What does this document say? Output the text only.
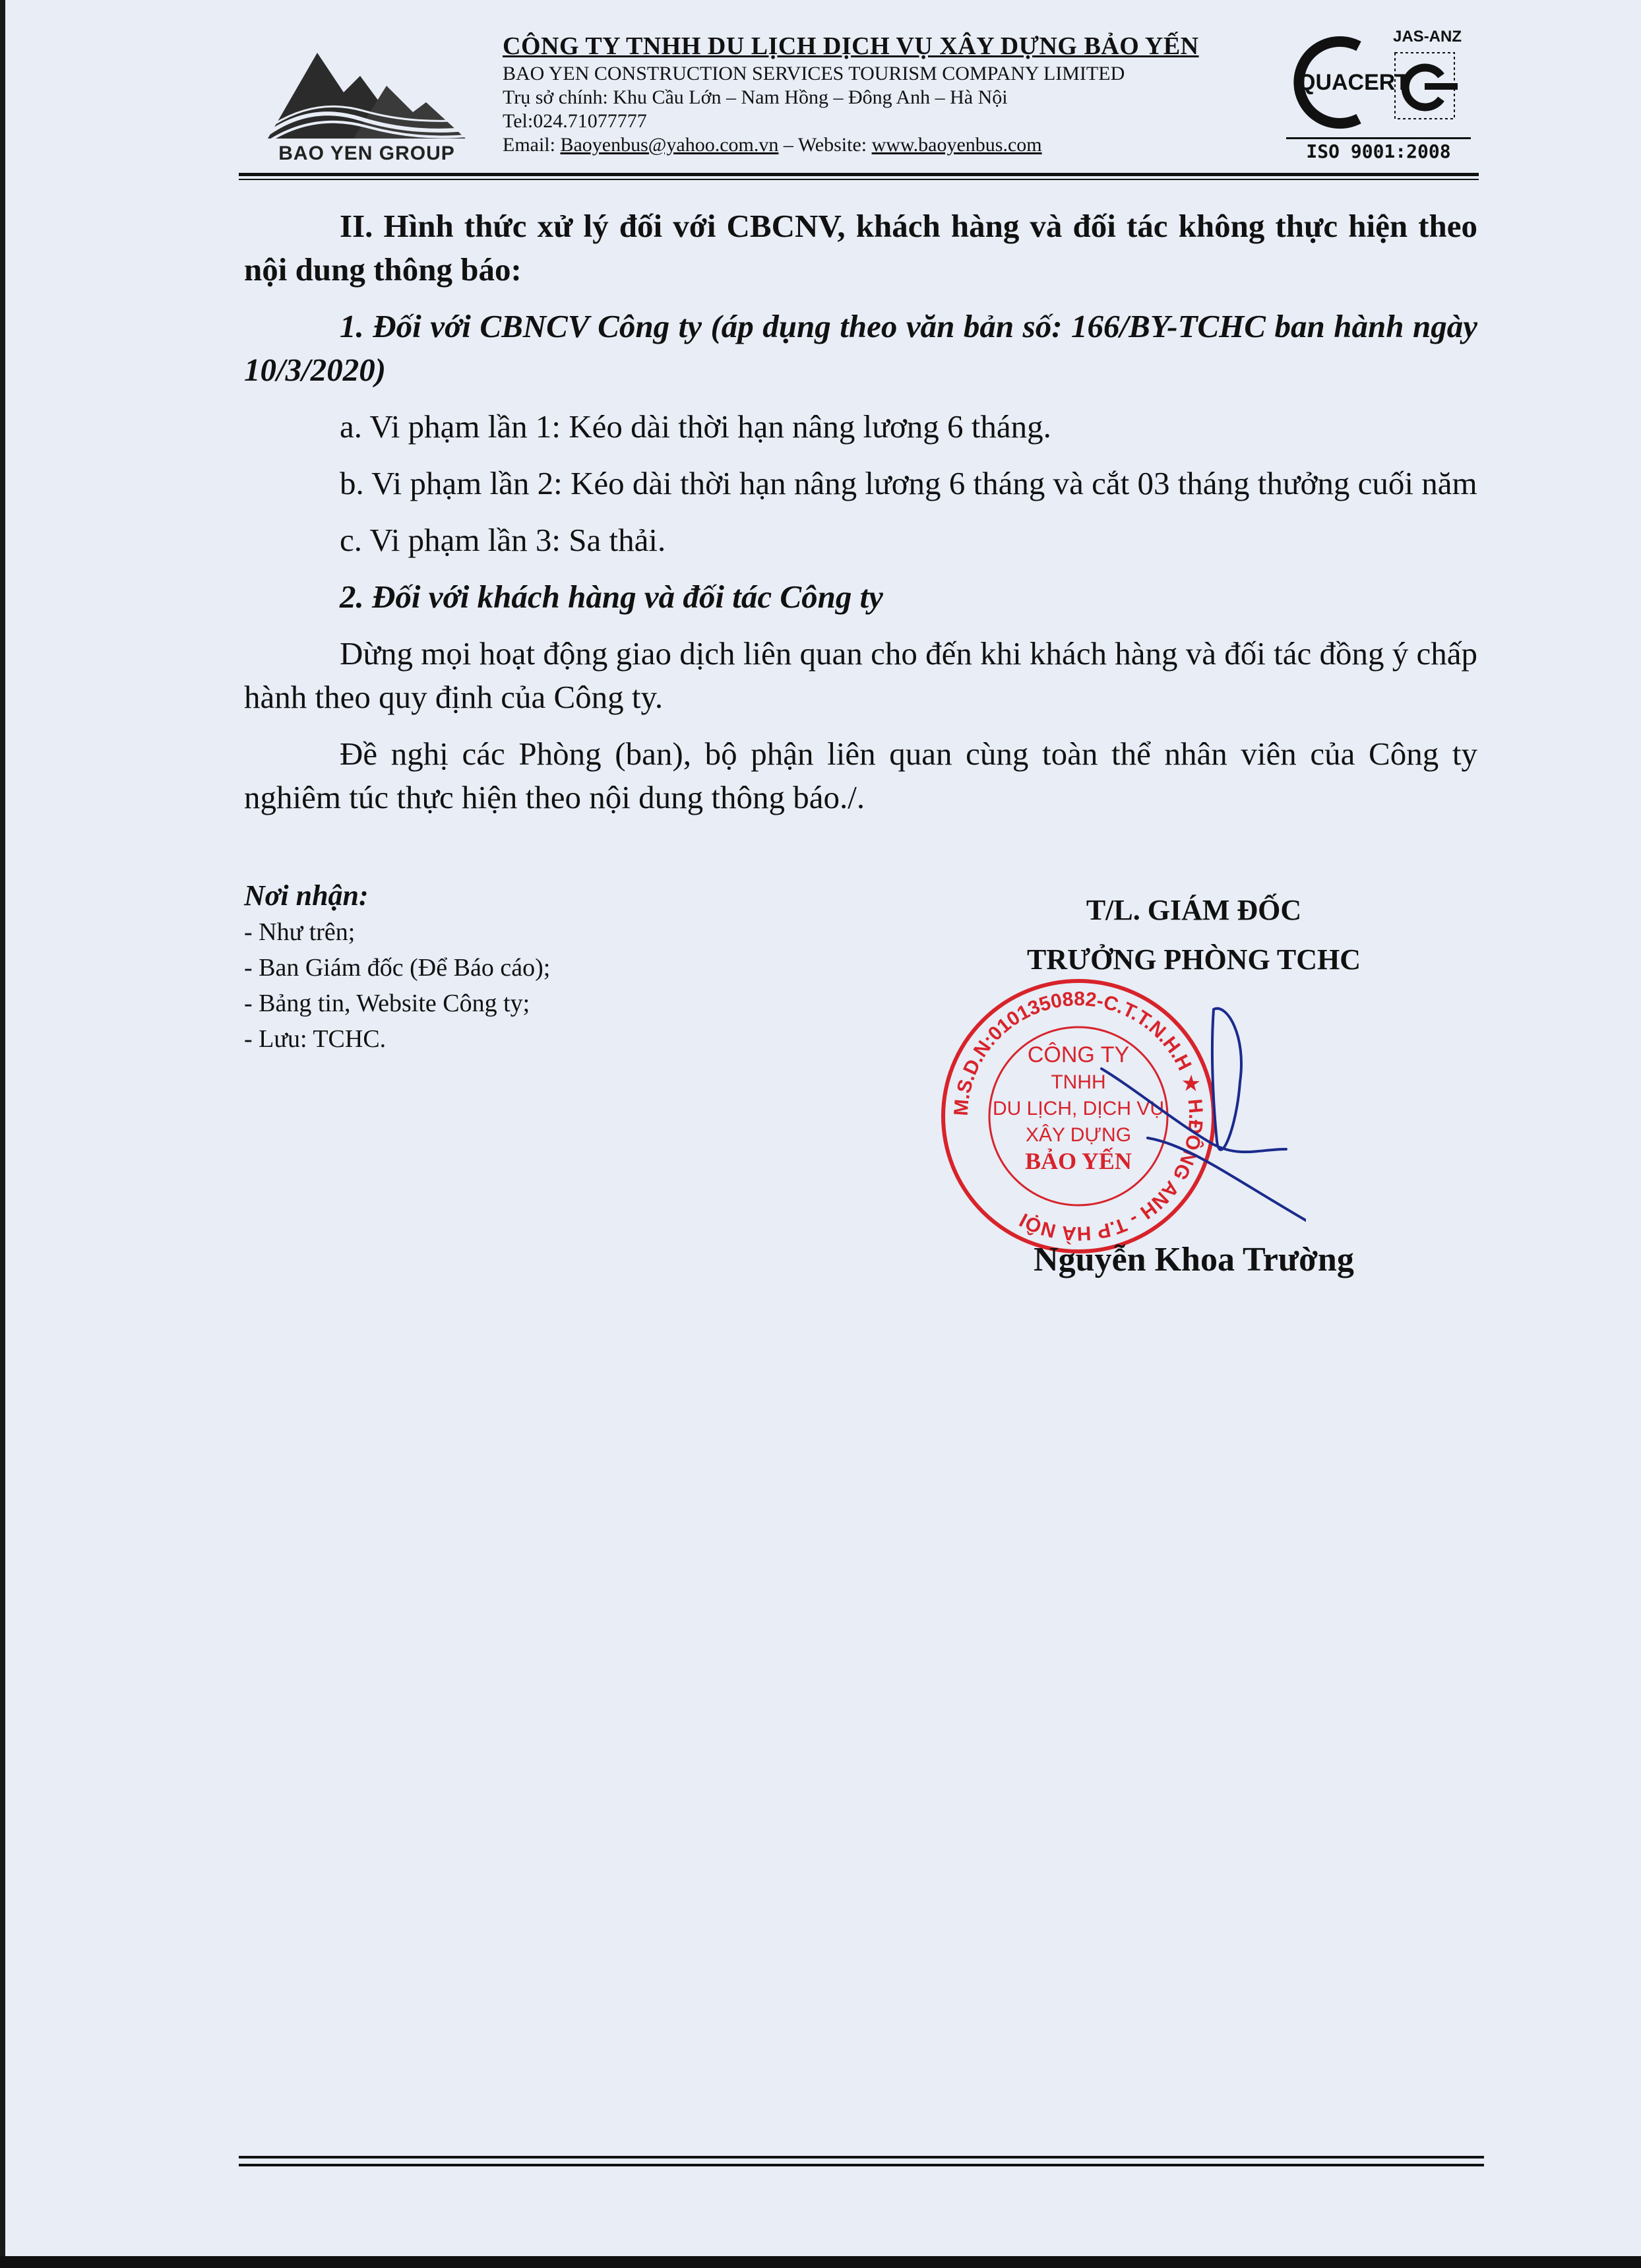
BAO YEN GROUP
CÔNG TY TNHH DU LỊCH DỊCH VỤ XÂY DỰNG BẢO YẾN
BAO YEN CONSTRUCTION SERVICES TOURISM COMPANY LIMITED
Trụ sở chính: Khu Cầu Lớn – Nam Hồng – Đông Anh – Hà Nội
Tel:024.71077777
Email: Baoyenbus@yahoo.com.vn – Website: www.baoyenbus.com
QUACERT
JAS-ANZ
ISO 9001:2008

II. Hình thức xử lý đối với CBCNV, khách hàng và đối tác không thực hiện theo nội dung thông báo:

1. Đối với CBNCV Công ty (áp dụng theo văn bản số: 166/BY-TCHC ban hành ngày 10/3/2020)

a. Vi phạm lần 1: Kéo dài thời hạn nâng lương 6 tháng.

b. Vi phạm lần 2: Kéo dài thời hạn nâng lương 6 tháng và cắt 03 tháng thưởng cuối năm

c. Vi phạm lần 3: Sa thải.

2. Đối với khách hàng và đối tác Công ty

Dừng mọi hoạt động giao dịch liên quan cho đến khi khách hàng và đối tác đồng ý chấp hành theo quy định của Công ty.

Đề nghị các Phòng (ban), bộ phận liên quan cùng toàn thể nhân viên của Công ty nghiêm túc thực hiện theo nội dung thông báo./.

Nơi nhận:
- Như trên;
- Ban Giám đốc (Để Báo cáo);
- Bảng tin, Website Công ty;
- Lưu: TCHC.
T/L. GIÁM ĐỐC
TRƯỞNG PHÒNG TCHC
M.S.D.N:0101350882-C.T.T.N.H.H ★ H.ĐÔNG ANH - T.P HÀ NỘI
CÔNG TY
TNHH
DU LỊCH, DỊCH VỤ
XÂY DỰNG
BẢO YẾN
Nguyễn Khoa Trường
